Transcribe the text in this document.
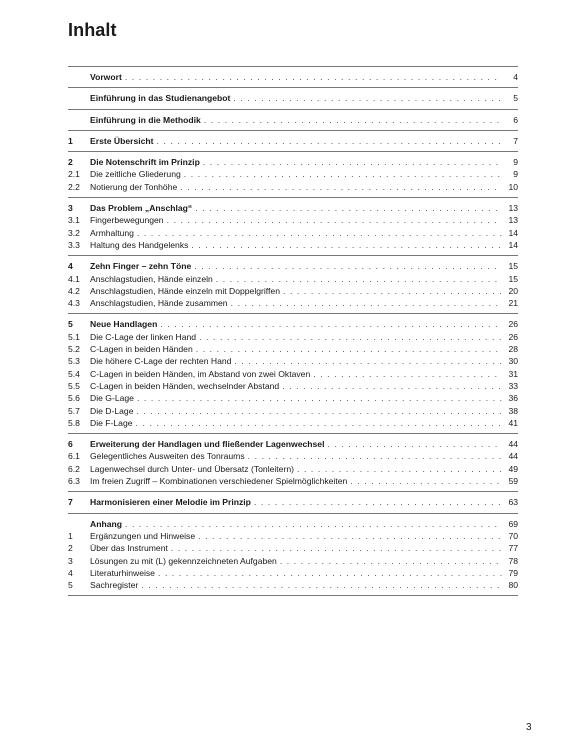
Inhalt
Vorwort . . .	4
Einführung in das Studienangebot . . .	5
Einführung in die Methodik . . .	6
1	Erste Übersicht . . .	7
2	Die Notenschrift im Prinzip . . .	9
2.1	Die zeitliche Gliederung . . .	9
2.2	Notierung der Tonhöhe . . .	10
3	Das Problem „Anschlag“ . . .	13
3.1	Fingerbewegungen . . .	13
3.2	Armhaltung . . .	14
3.3	Haltung des Handgelenks . . .	14
4	Zehn Finger – zehn Töne . . .	15
4.1	Anschlagstudien, Hände einzeln . . .	15
4.2	Anschlagstudien, Hände einzeln mit Doppelgriffen . . .	20
4.3	Anschlagstudien, Hände zusammen . . .	21
5	Neue Handlagen . . .	26
5.1	Die C-Lage der linken Hand . . .	26
5.2	C-Lagen in beiden Händen . . .	28
5.3	Die höhere C-Lage der rechten Hand . . .	30
5.4	C-Lagen in beiden Händen, im Abstand von zwei Oktaven . . .	31
5.5	C-Lagen in beiden Händen, wechselnder Abstand . . .	33
5.6	Die G-Lage . . .	36
5.7	Die D-Lage . . .	38
5.8	Die F-Lage . . .	41
6	Erweiterung der Handlagen und fließender Lagenwechsel . . .	44
6.1	Gelegentliches Ausweiten des Tonraums . . .	44
6.2	Lagenwechsel durch Unter- und Übersatz (Tonleitern) . . .	49
6.3	Im freien Zugriff – Kombinationen verschiedener Spielmöglichkeiten . . .	59
7	Harmonisieren einer Melodie im Prinzip . . .	63
Anhang . . .	69
1	Ergänzungen und Hinweise . . .	70
2	Über das Instrument . . .	77
3	Lösungen zu mit (L) gekennzeichneten Aufgaben . . .	78
4	Literaturhinweise . . .	79
5	Sachregister . . .	80
3
